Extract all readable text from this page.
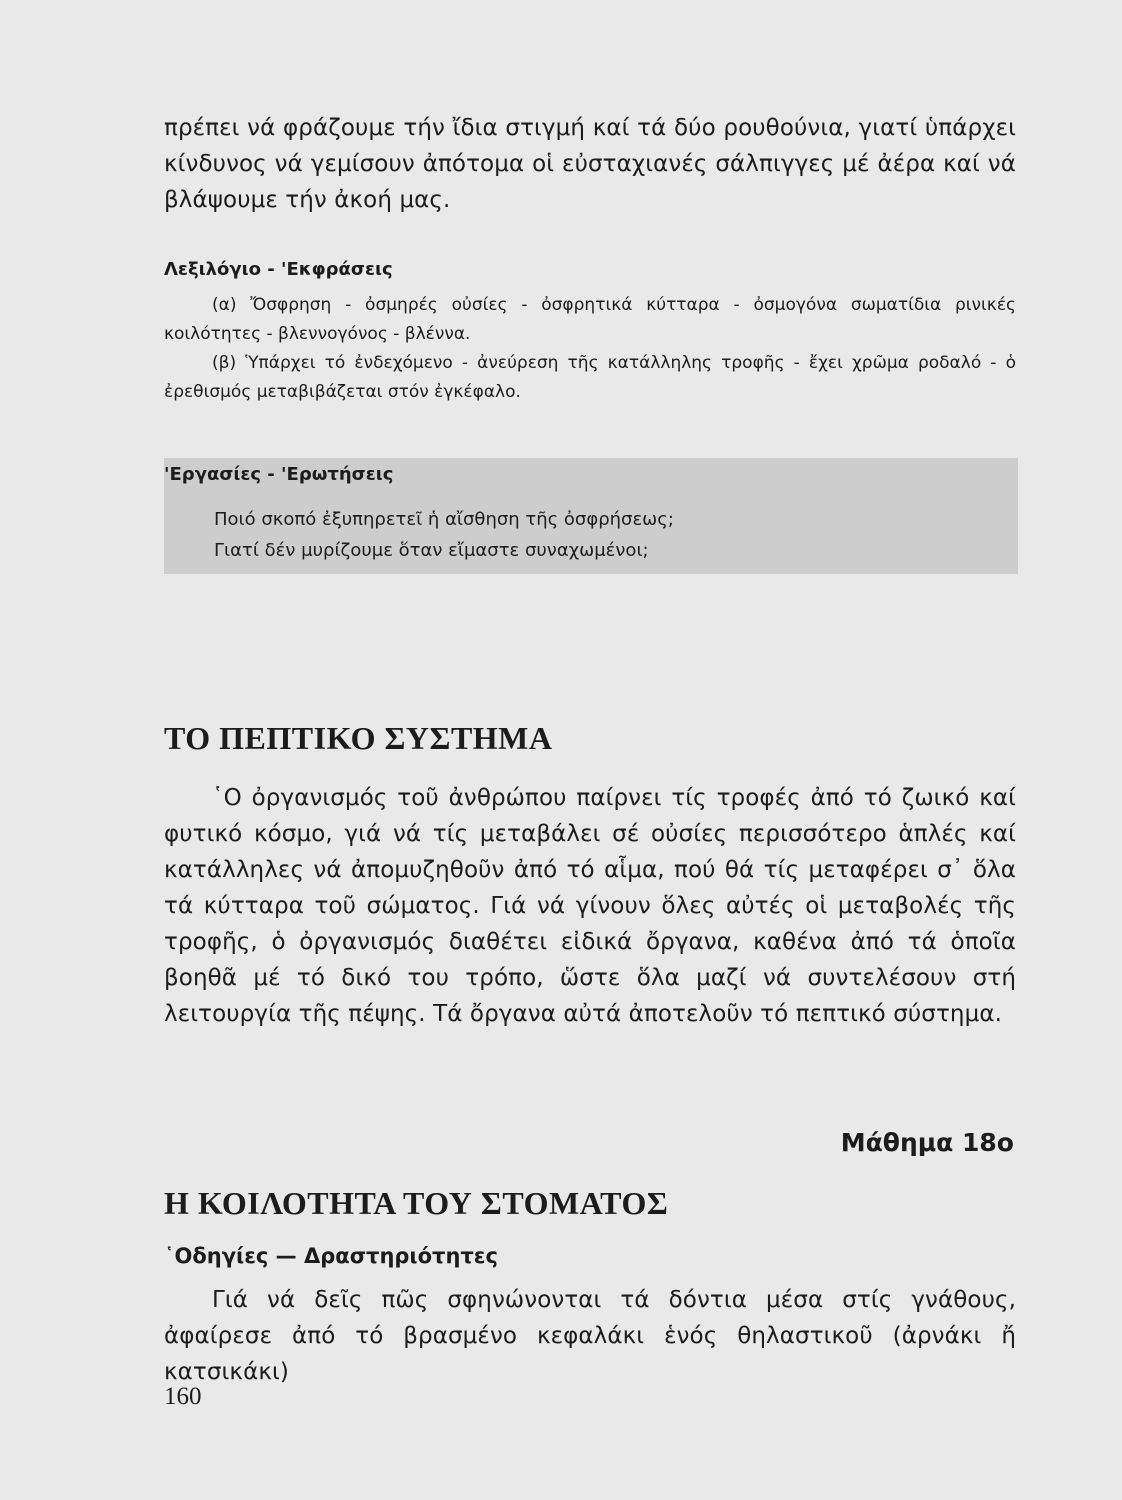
πρέπει νά φράζουμε τήν ἴδια στιγμή καί τά δύο ρουθούνια, γιατί ὑπάρχει κίνδυνος νά γεμίσουν ἀπότομα οἱ εὐσταχιανές σάλπιγγες μέ ἀέρα καί νά βλάψουμε τήν ἀκοή μας.

Λεξιλόγιο - 'Εκφράσεις

(α) Ὄσφρηση - ὀσμηρές οὐσίες - ὀσφρητικά κύτταρα - ὀσμογόνα σωματίδια ρινικές κοιλότητες - βλεννογόνος - βλέννα.

(β) Ὑπάρχει τό ἐνδεχόμενο - ἀνεύρεση τῆς κατάλληλης τροφῆς - ἔχει χρῶμα ροδαλό - ὁ ἐρεθισμός μεταβιβάζεται στόν ἐγκέφαλο.

'Εργασίες - 'Ερωτήσεις
Ποιό σκοπό ἐξυπηρετεῖ ἡ αἴσθηση τῆς ὀσφρήσεως;
Γιατί δέν μυρίζουμε ὅταν εἴμαστε συναχωμένοι;
ΤΟ ΠΕΠΤΙΚΟ ΣΥΣΤΗΜΑ

῾Ο ὀργανισμός τοῦ ἀνθρώπου παίρνει τίς τροφές ἀπό τό ζωικό καί φυτικό κόσμο, γιά νά τίς μεταβάλει σέ οὐσίες περισσότερο ἁπλές καί κατάλληλες νά ἀπομυζηθοῦν ἀπό τό αἷμα, πού θά τίς μεταφέρει σ᾽ ὅλα τά κύτταρα τοῦ σώματος. Γιά νά γίνουν ὅλες αὐτές οἱ μεταβολές τῆς τροφῆς, ὁ ὀργανισμός διαθέτει εἰδικά ὄργανα, καθένα ἀπό τά ὁποῖα βοηθᾶ μέ τό δικό του τρόπο, ὥστε ὅλα μαζί νά συντελέσουν στή λειτουργία τῆς πέψης. Τά ὄργανα αὐτά ἀποτελοῦν τό πεπτικό σύστημα.

Μάθημα 18ο
Η ΚΟΙΛΟΤΗΤΑ ΤΟΥ ΣΤΟΜΑΤΟΣ
῾Οδηγίες — Δραστηριότητες

Γιά νά δεῖς πῶς σφηνώνονται τά δόντια μέσα στίς γνάθους, ἀφαίρεσε ἀπό τό βρασμένο κεφαλάκι ἑνός θηλαστικοῦ (ἀρνάκι ἤ κατσικάκι)

160
